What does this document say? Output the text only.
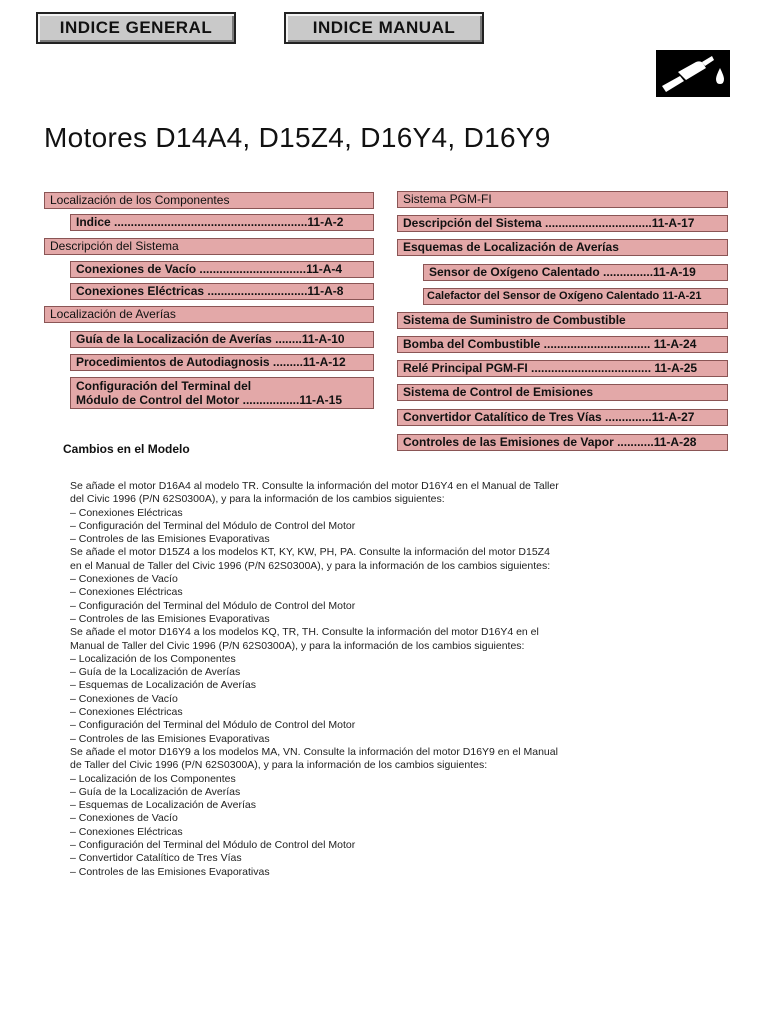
INDICE GENERAL	INDICE MANUAL
Motores D14A4, D15Z4, D16Y4, D16Y9
Localización de los Componentes
Indice ..........................................................11-A-2
Descripción del Sistema
Conexiones de Vacío ................................11-A-4
Conexiones Eléctricas ..............................11-A-8
Localización de Averías
Guía de la Localización de Averías ........11-A-10
Procedimientos de Autodiagnosis .........11-A-12
Configuración del Terminal del
Módulo de Control del Motor .................11-A-15
Sistema PGM-FI
Descripción del Sistema ................................11-A-17
Esquemas de Localización de Averías
Sensor de Oxígeno Calentado ...............11-A-19
Calefactor del Sensor de Oxígeno Calentado 11-A-21
Sistema de Suministro de Combustible
Bomba del Combustible ................................ 11-A-24
Relé Principal PGM-FI .................................... 11-A-25
Sistema de Control de Emisiones
Convertidor Catalítico de Tres Vías ..............11-A-27
Controles de las Emisiones de Vapor ...........11-A-28
Cambios en el Modelo
Se añade el motor D16A4 al modelo TR. Consulte la información del motor D16Y4 en el Manual de Taller
del Civic 1996 (P/N 62S0300A), y para la información de los cambios siguientes:
– Conexiones Eléctricas
– Configuración del Terminal del Módulo de Control del Motor
– Controles de las Emisiones Evaporativas
Se añade el motor D15Z4 a los modelos KT, KY, KW, PH, PA. Consulte la información del motor D15Z4
en el Manual de Taller del Civic 1996 (P/N 62S0300A), y para la información de los cambios siguientes:
– Conexiones de Vacío
– Conexiones Eléctricas
– Configuración del Terminal del Módulo de Control del Motor
– Controles de las Emisiones Evaporativas
Se añade el motor D16Y4 a los modelos KQ, TR, TH. Consulte la información del motor D16Y4 en el
Manual de Taller del Civic 1996 (P/N 62S0300A), y para la información de los cambios siguientes:
– Localización de los Componentes
– Guía de la Localización de Averías
– Esquemas de Localización de Averías
– Conexiones de Vacío
– Conexiones Eléctricas
– Configuración del Terminal del Módulo de Control del Motor
– Controles de las Emisiones Evaporativas
Se añade el motor D16Y9 a los modelos MA, VN. Consulte la información del motor D16Y9 en el Manual
de Taller del Civic 1996 (P/N 62S0300A), y para la información de los cambios siguientes:
– Localización de los Componentes
– Guía de la Localización de Averías
– Esquemas de Localización de Averías
– Conexiones de Vacío
– Conexiones Eléctricas
– Configuración del Terminal del Módulo de Control del Motor
– Convertidor Catalítico de Tres Vías
– Controles de las Emisiones Evaporativas
